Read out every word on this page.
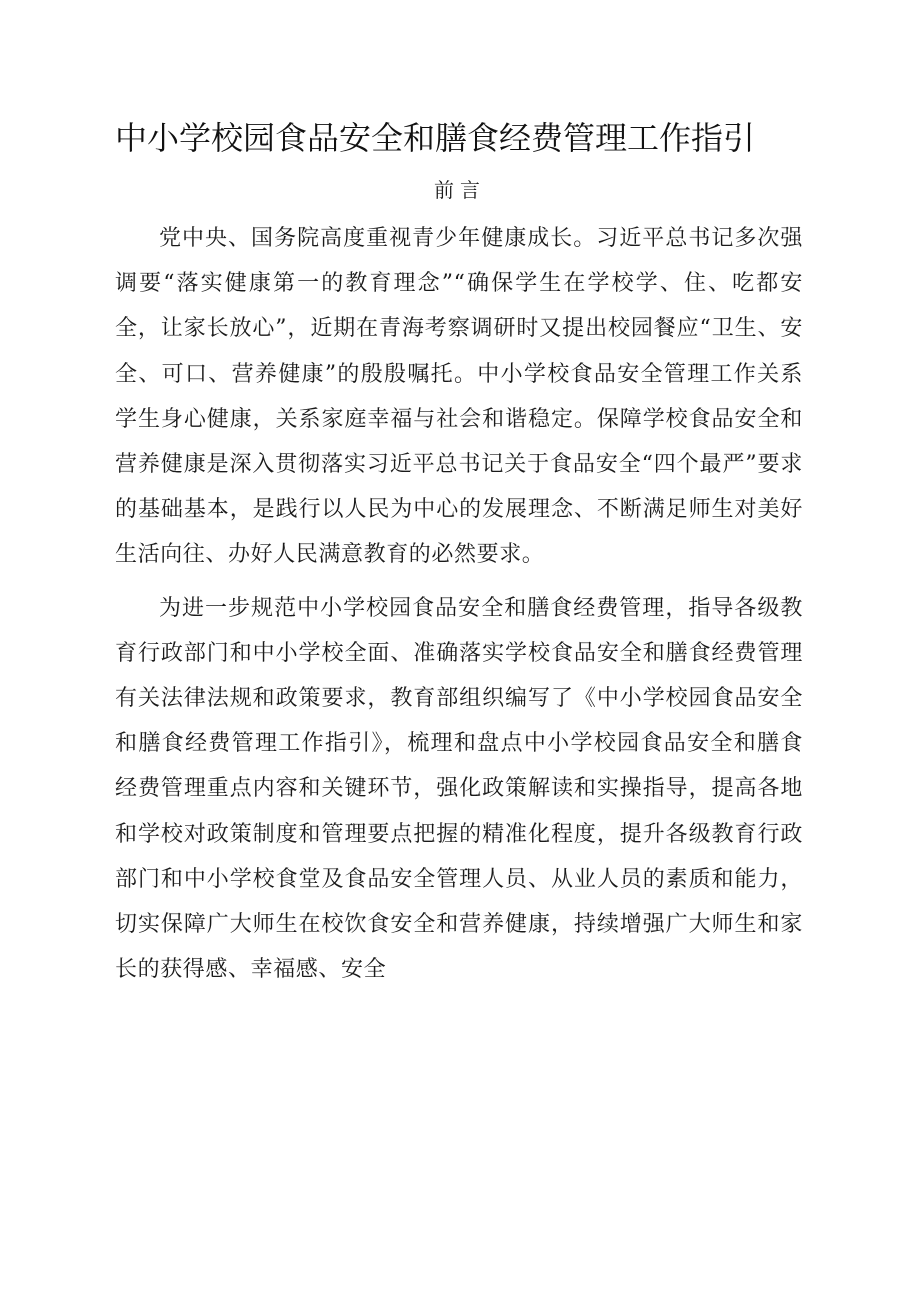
中小学校园食品安全和膳食经费管理工作指引
前言

党中央、国务院高度重视青少年健康成长。习近平总书记多次强调要“落实健康第一的教育理念”“确保学生在学校学、住、吃都安全，让家长放心”，近期在青海考察调研时又提出校园餐应“卫生、安全、可口、营养健康”的殷殷嘱托。中小学校食品安全管理工作关系学生身心健康，关系家庭幸福与社会和谐稳定。保障学校食品安全和营养健康是深入贯彻落实习近平总书记关于食品安全“四个最严”要求的基础基本，是践行以人民为中心的发展理念、不断满足师生对美好生活向往、办好人民满意教育的必然要求。

为进一步规范中小学校园食品安全和膳食经费管理，指导各级教育行政部门和中小学校全面、准确落实学校食品安全和膳食经费管理有关法律法规和政策要求，教育部组织编写了《中小学校园食品安全和膳食经费管理工作指引》，梳理和盘点中小学校园食品安全和膳食经费管理重点内容和关键环节，强化政策解读和实操指导，提高各地和学校对政策制度和管理要点把握的精准化程度，提升各级教育行政部门和中小学校食堂及食品安全管理人员、从业人员的素质和能力，切实保障广大师生在校饮食安全和营养健康，持续增强广大师生和家长的获得感、幸福感、安全
